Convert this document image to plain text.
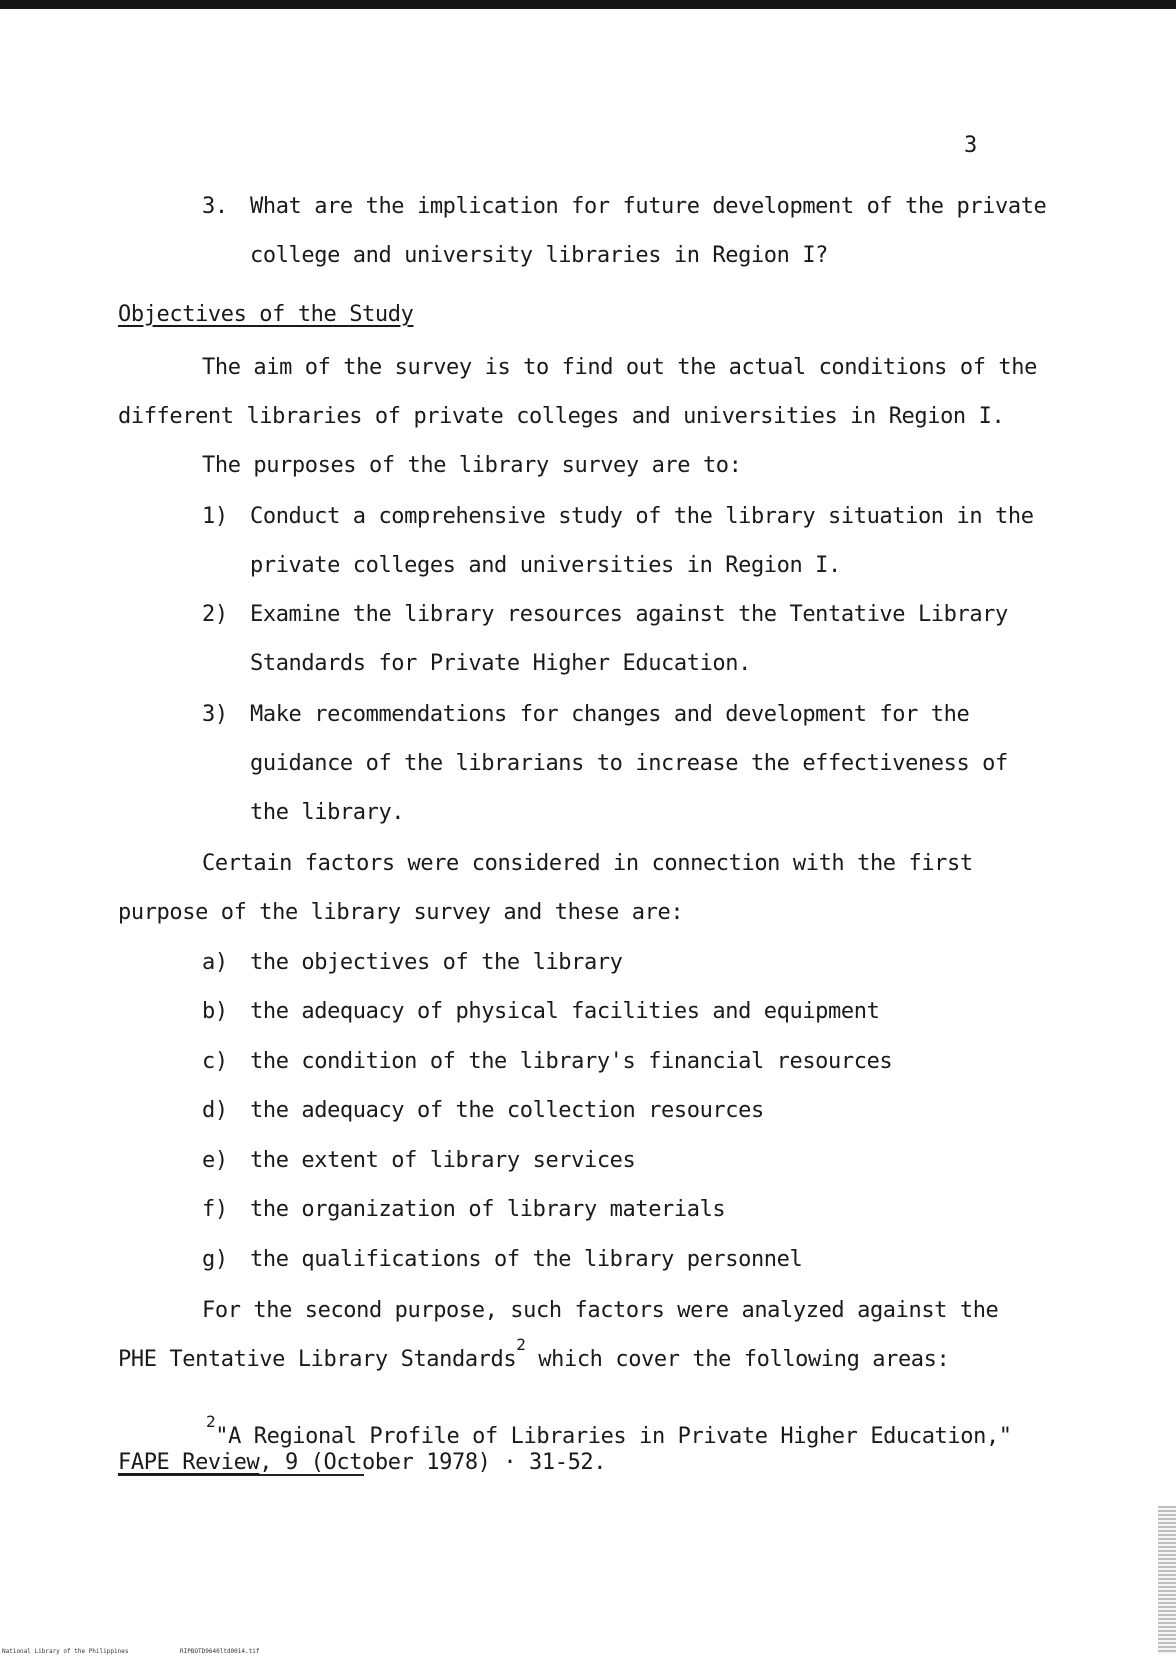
3
3. What are the implication for future development of the private
college and university libraries in Region I?
Objectives of the Study
The aim of the survey is to find out the actual conditions of the
different libraries of private colleges and universities in Region I.
The purposes of the library survey are to:
1) Conduct a comprehensive study of the library situation in the
private colleges and universities in Region I.
2) Examine the library resources against the Tentative Library
Standards for Private Higher Education.
3) Make recommendations for changes and development for the
guidance of the librarians to increase the effectiveness of
the library.
Certain factors were considered in connection with the first
purpose of the library survey and these are:
a) the objectives of the library
b) the adequacy of physical facilities and equipment
c) the condition of the library's financial resources
d) the adequacy of the collection resources
e) the extent of library services
f) the organization of library materials
g) the qualifications of the library personnel
For the second purpose, such factors were analyzed against the
PHE Tentative Library Standards$^2$ which cover the following areas:
$^2$"A Regional Profile of Libraries in Private Higher Education,"
FAPE Review, 9 (October 1978) · 31-52.
National Library of the Philippines	RIPBOTD9640ltd0014.tif
